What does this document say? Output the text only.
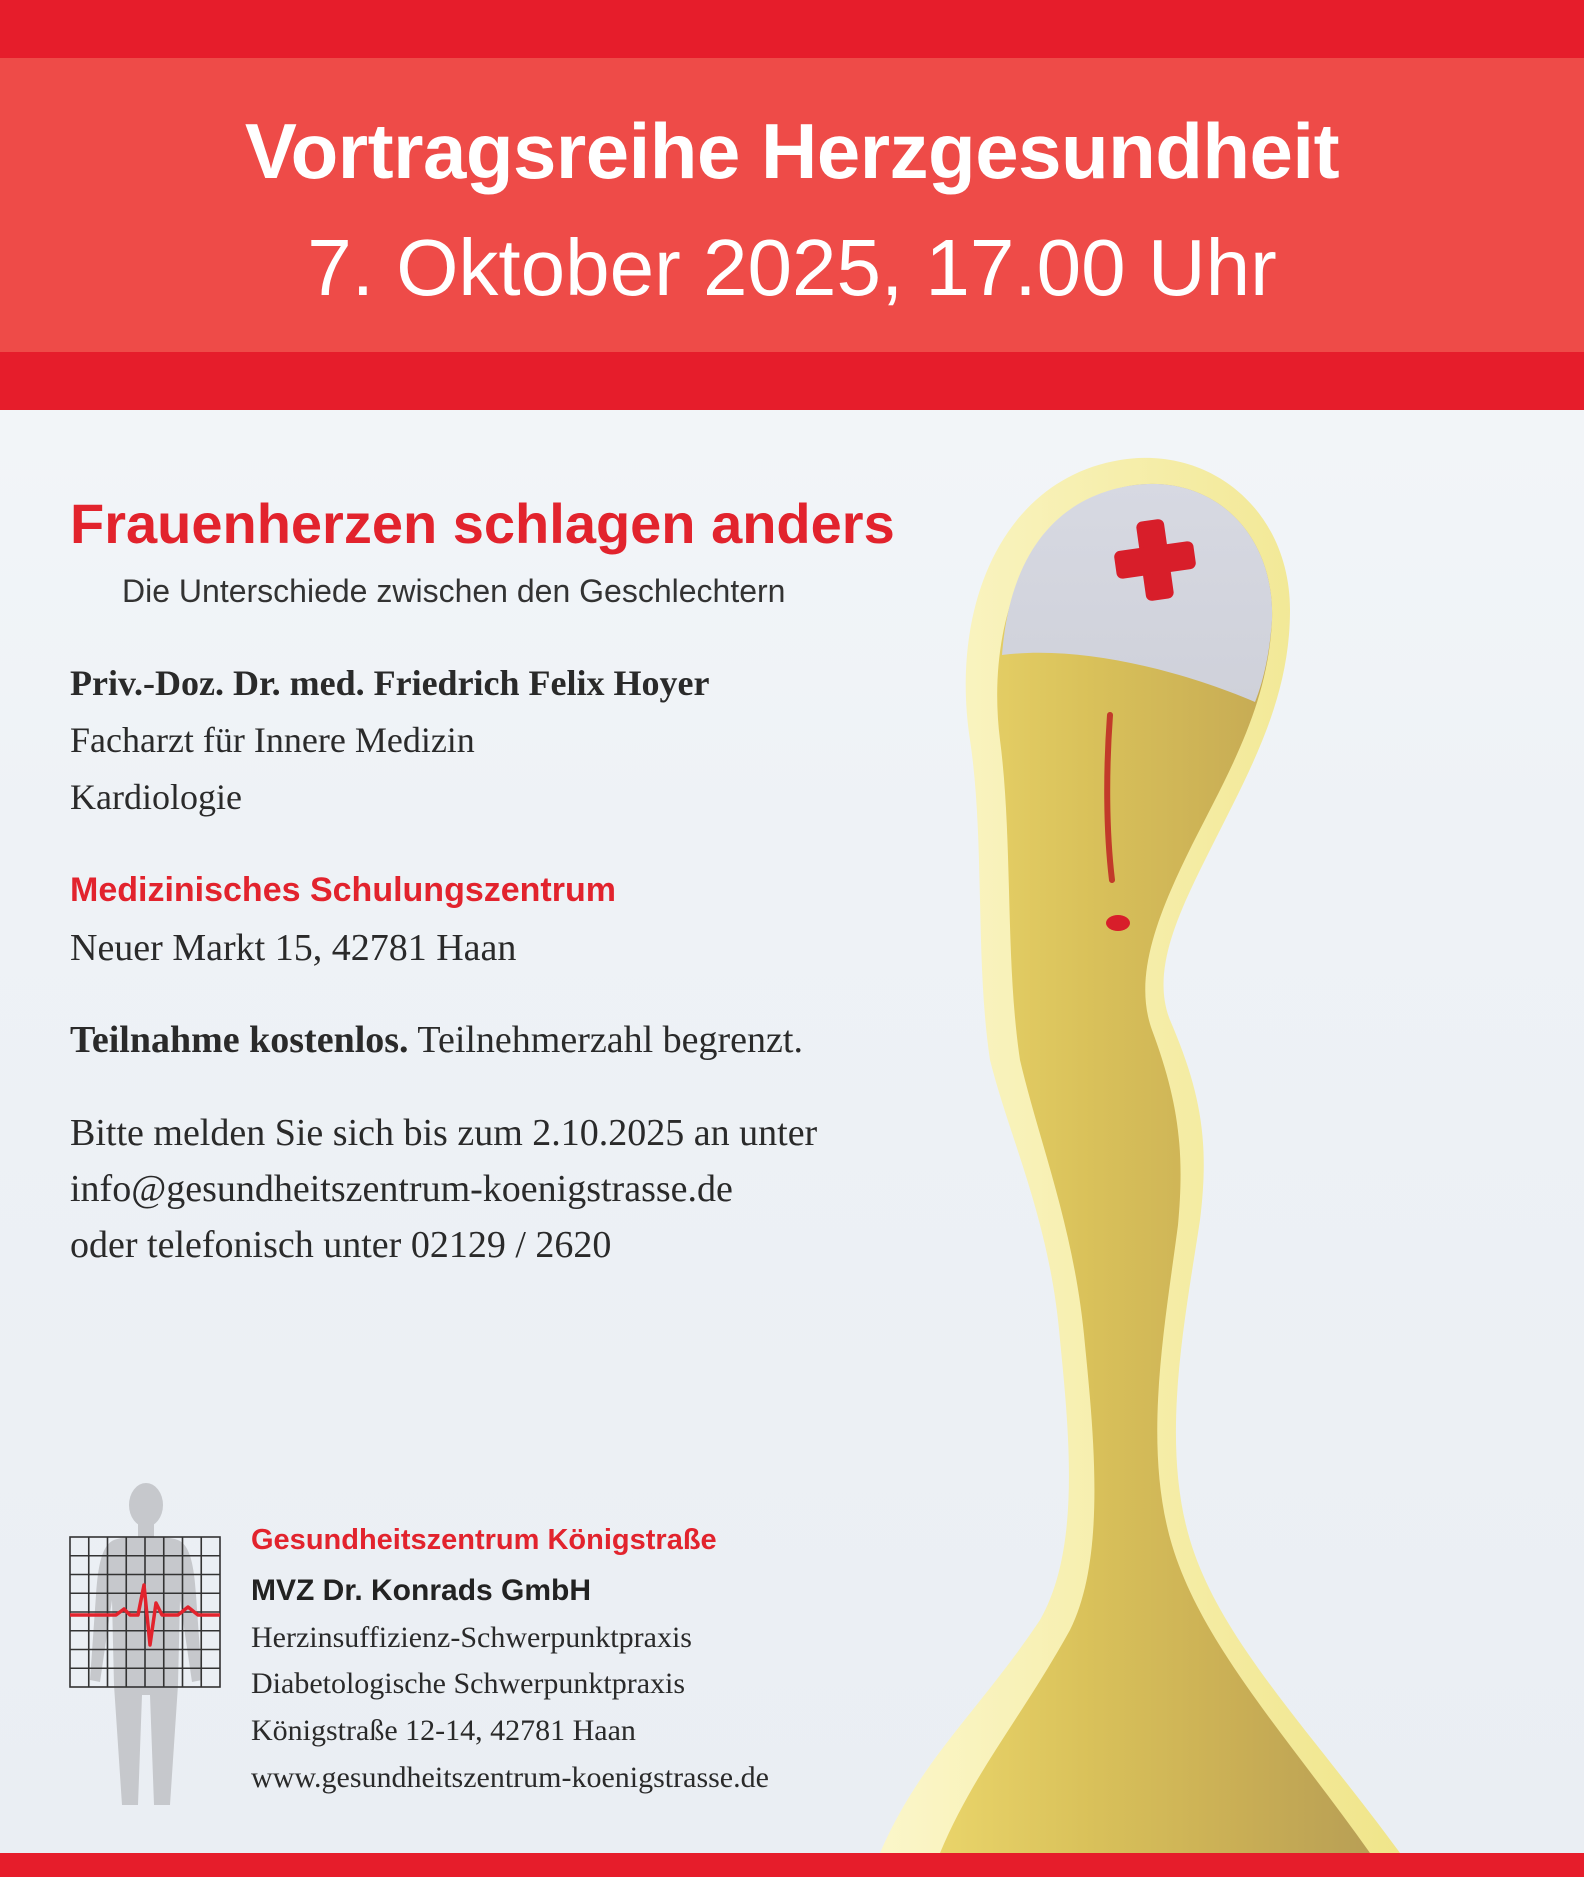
Vortragsreihe Herzgesundheit
7. Oktober 2025, 17.00 Uhr
Frauenherzen schlagen anders
Die Unterschiede zwischen den Geschlechtern
Priv.-Doz. Dr. med. Friedrich Felix Hoyer
Facharzt für Innere Medizin
Kardiologie
Medizinisches Schulungszentrum
Neuer Markt 15, 42781 Haan
Teilnahme kostenlos. Teilnehmerzahl begrenzt.
Bitte melden Sie sich bis zum 2.10.2025 an unter
info@gesundheitszentrum-koenigstrasse.de
oder telefonisch unter 02129 / 2620
Gesundheitszentrum Königstraße
MVZ Dr. Konrads GmbH
Herzinsuffizienz-Schwerpunktpraxis
Diabetologische Schwerpunktpraxis
Königstraße 12-14, 42781 Haan
www.gesundheitszentrum-koenigstrasse.de
